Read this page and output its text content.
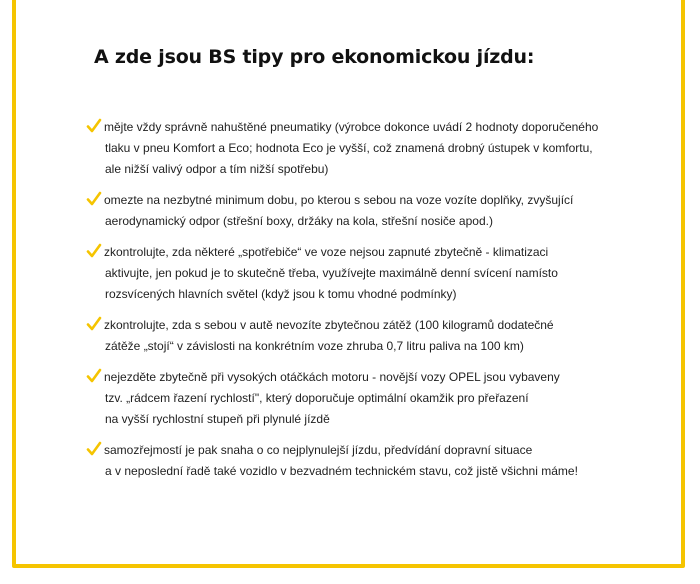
A zde jsou BS tipy pro ekonomickou jízdu:
mějte vždy správně nahuštěné pneumatiky (výrobce dokonce uvádí 2 hodnoty doporučeného
tlaku v pneu Komfort a Eco; hodnota Eco je vyšší, což znamená drobný ústupek v komfortu,
ale nižší valivý odpor a tím nižší spotřebu)
omezte na nezbytné minimum dobu, po kterou s sebou na voze vozíte doplňky, zvyšující
aerodynamický odpor (střešní boxy, držáky na kola, střešní nosiče apod.)
zkontrolujte, zda některé „spotřebiče“ ve voze nejsou zapnuté zbytečně - klimatizaci
aktivujte, jen pokud je to skutečně třeba, využívejte maximálně denní svícení namísto
rozsvícených hlavních světel (když jsou k tomu vhodné podmínky)
zkontrolujte, zda s sebou v autě nevozíte zbytečnou zátěž (100 kilogramů dodatečné
zátěže „stojí“ v závislosti na konkrétním voze zhruba 0,7 litru paliva na 100 km)
nejezděte zbytečně při vysokých otáčkách motoru - novější vozy OPEL jsou vybaveny
tzv. „rádcem řazení rychlostí", který doporučuje optimální okamžik pro přeřazení
na vyšší rychlostní stupeň při plynulé jízdě
samozřejmostí je pak snaha o co nejplynulejší jízdu, předvídání dopravní situace
a v neposlední řadě také vozidlo v bezvadném technickém stavu, což jistě všichni máme!
